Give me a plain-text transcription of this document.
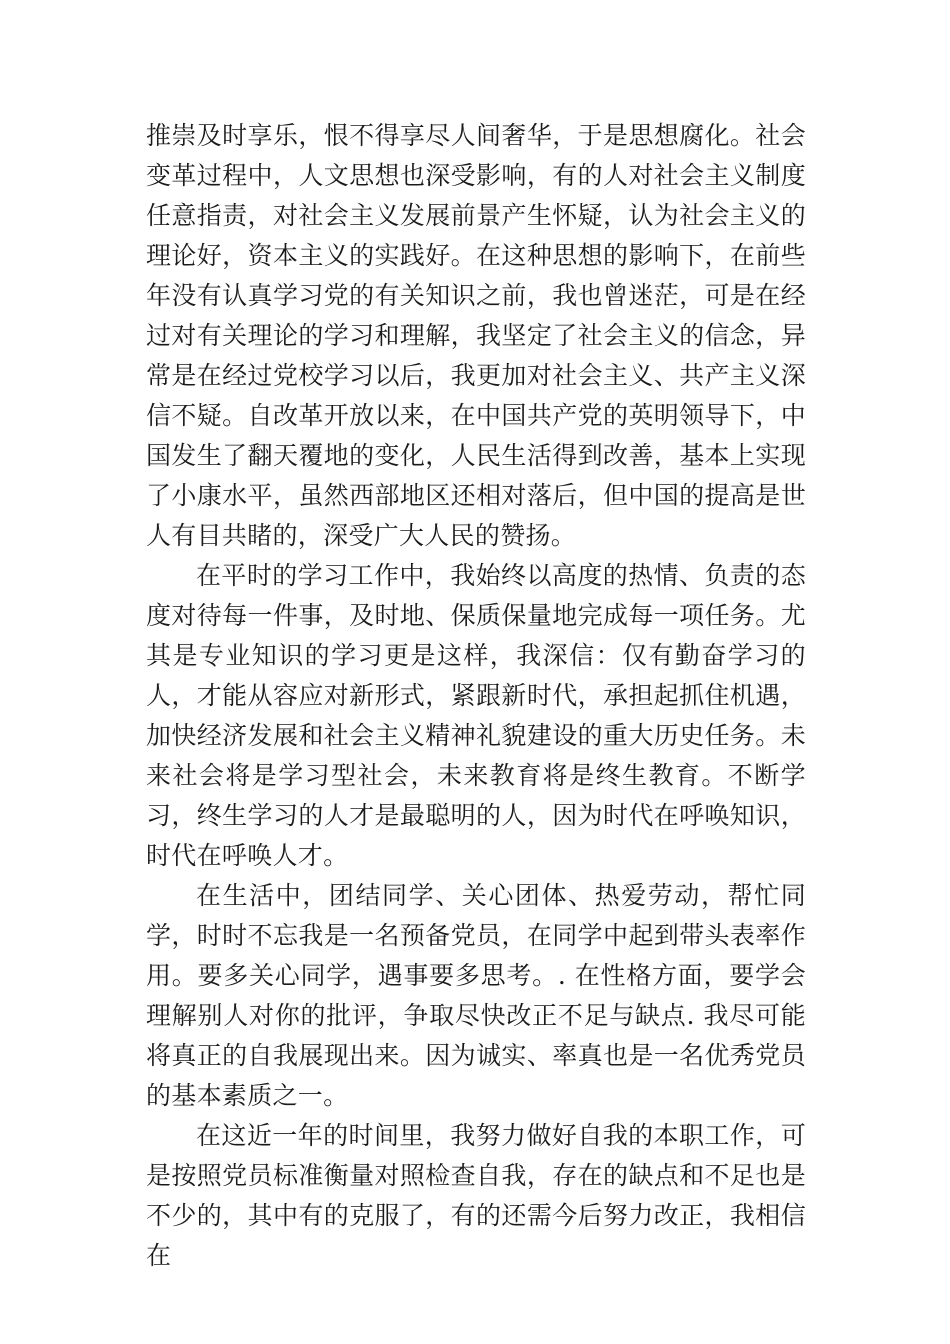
推崇及时享乐，恨不得享尽人间奢华，于是思想腐化。社会变革过程中，人文思想也深受影响，有的人对社会主义制度任意指责，对社会主义发展前景产生怀疑，认为社会主义的理论好，资本主义的实践好。在这种思想的影响下，在前些年没有认真学习党的有关知识之前，我也曾迷茫，可是在经过对有关理论的学习和理解，我坚定了社会主义的信念，异常是在经过党校学习以后，我更加对社会主义、共产主义深信不疑。自改革开放以来，在中国共产党的英明领导下，中国发生了翻天覆地的变化，人民生活得到改善，基本上实现了小康水平，虽然西部地区还相对落后，但中国的提高是世人有目共睹的，深受广大人民的赞扬。

在平时的学习工作中，我始终以高度的热情、负责的态度对待每一件事，及时地、保质保量地完成每一项任务。尤其是专业知识的学习更是这样，我深信：仅有勤奋学习的人，才能从容应对新形式，紧跟新时代，承担起抓住机遇，加快经济发展和社会主义精神礼貌建设的重大历史任务。未来社会将是学习型社会，未来教育将是终生教育。不断学习，终生学习的人才是最聪明的人，因为时代在呼唤知识，时代在呼唤人才。

在生活中，团结同学、关心团体、热爱劳动，帮忙同学，时时不忘我是一名预备党员，在同学中起到带头表率作用。要多关心同学，遇事要多思考。. 在性格方面，要学会理解别人对你的批评，争取尽快改正不足与缺点. 我尽可能将真正的自我展现出来。因为诚实、率真也是一名优秀党员的基本素质之一。

在这近一年的时间里，我努力做好自我的本职工作，可是按照党员标准衡量对照检查自我，存在的缺点和不足也是不少的，其中有的克服了，有的还需今后努力改正，我相信在
